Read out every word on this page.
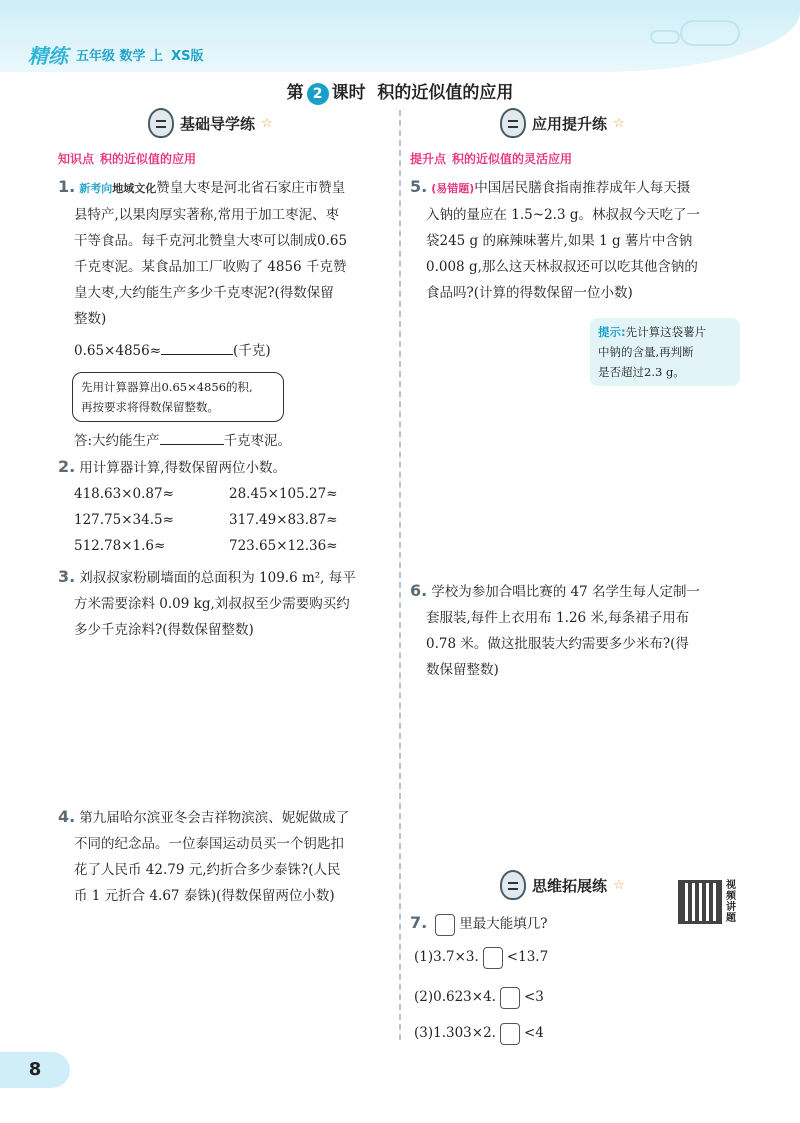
精练 五年级 数学 上 XS版
第 2 课时 积的近似值的应用
基础导学练 ☆
知识点 积的近似值的应用
1. 新考向地域文化赞皇大枣是河北省石家庄市赞皇
县特产,以果肉厚实著称,常用于加工枣泥、枣
干等食品。每千克河北赞皇大枣可以制成0.65
千克枣泥。某食品加工厂收购了 4856 千克赞
皇大枣,大约能生产多少千克枣泥?(得数保留
整数)
0.65×4856≈	(千克)
先用计算器算出0.65×4856的积,
再按要求将得数保留整数。
答:大约能生产	千克枣泥。
2. 用计算器计算,得数保留两位小数。
418.63×0.87≈	28.45×105.27≈
127.75×34.5≈	317.49×83.87≈
512.78×1.6≈	723.65×12.36≈
3. 刘叔叔家粉刷墙面的总面积为 109.6 m², 每平
方米需要涂料 0.09 kg,刘叔叔至少需要购买约
多少千克涂料?(得数保留整数)
4. 第九届哈尔滨亚冬会吉祥物滨滨、妮妮做成了
不同的纪念品。一位泰国运动员买一个钥匙扣
花了人民币 42.79 元,约折合多少泰铢?(人民
币 1 元折合 4.67 泰铢)(得数保留两位小数)
应用提升练 ☆
提升点 积的近似值的灵活应用
5. (易错题)中国居民膳食指南推荐成年人每天摄
入钠的量应在 1.5~2.3 g。林叔叔今天吃了一
袋245 g 的麻辣味薯片,如果 1 g 薯片中含钠
0.008 g,那么这天林叔叔还可以吃其他含钠的
食品吗?(计算的得数保留一位小数)
提示:先计算这袋薯片
中钠的含量,再判断
是否超过2.3 g。
6. 学校为参加合唱比赛的 47 名学生每人定制一
套服装,每件上衣用布 1.26 米,每条裙子用布
0.78 米。做这批服装大约需要多少米布?(得
数保留整数)
思维拓展练 ☆	视频讲题
7. 里最大能填几?
(1)3.7×3. <13.7
(2)0.623×4. <3
(3)1.303×2. <4
8
